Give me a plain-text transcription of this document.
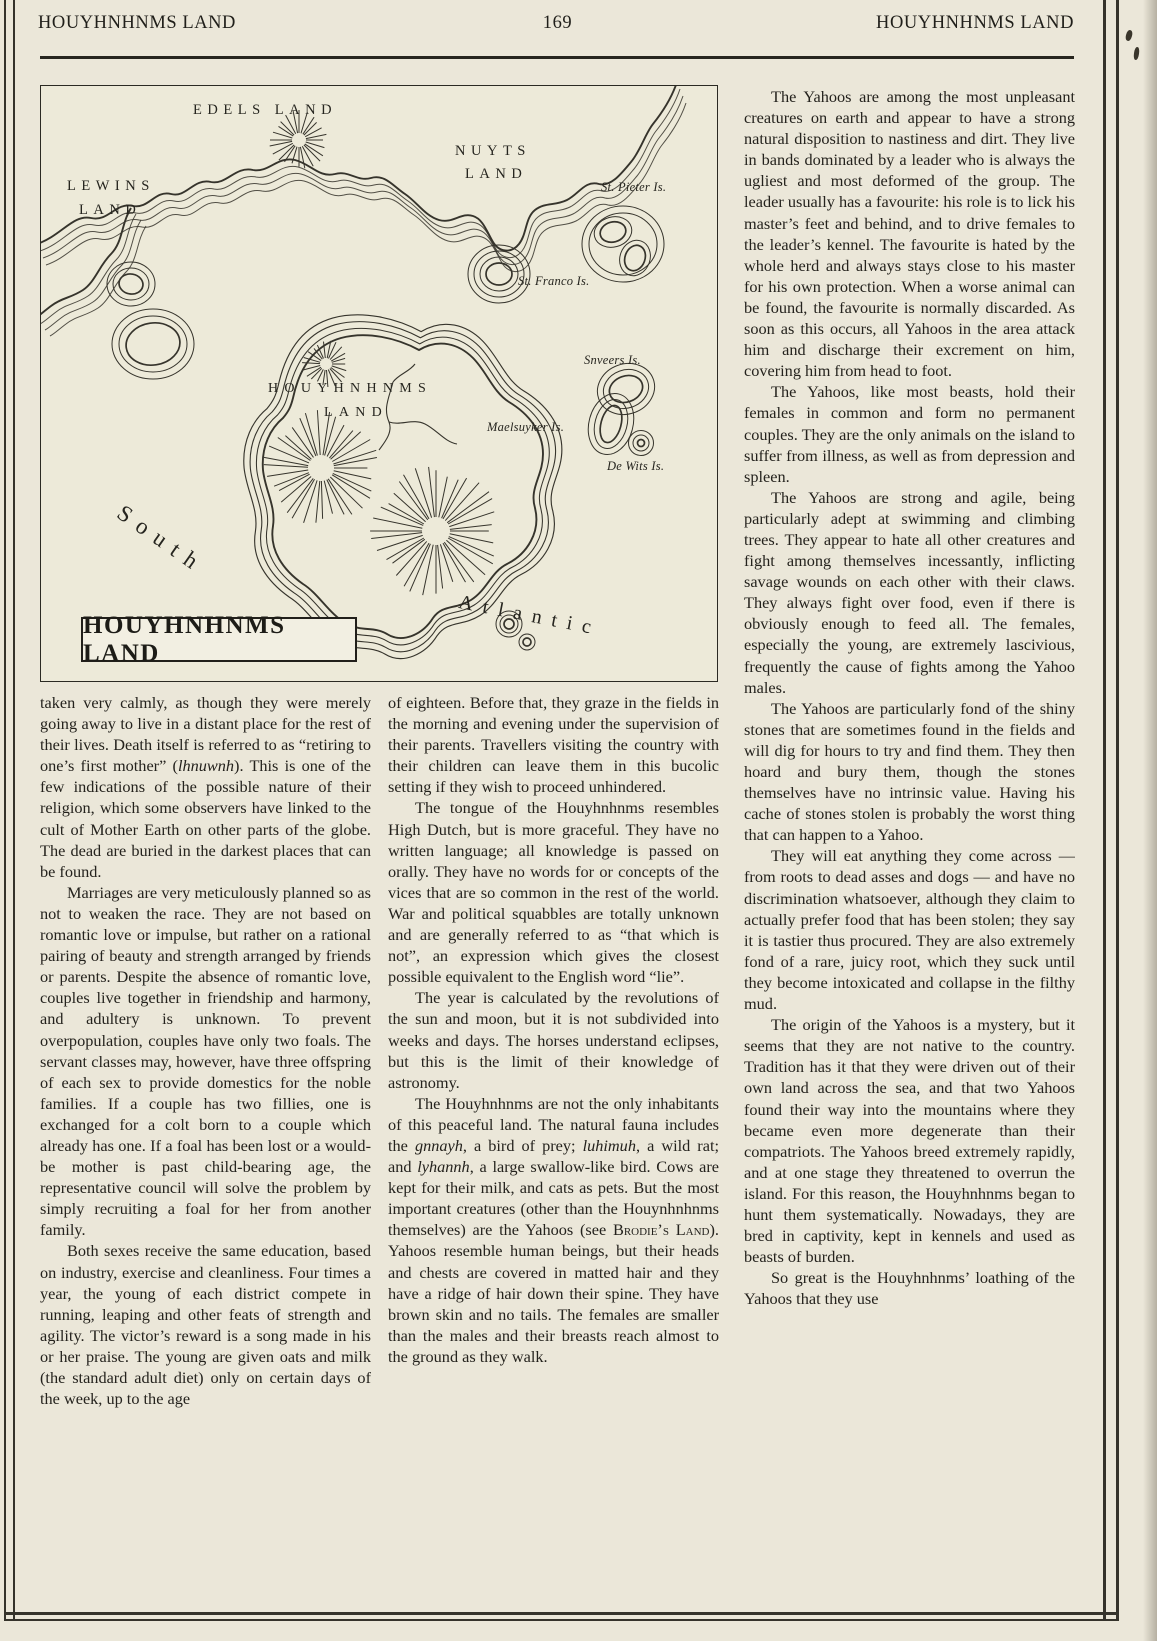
HOUYHNHNMS LAND	169	HOUYHNHNMS LAND
EDELS LAND
NUYTS
LAND
LEWINS
LAND
HOUYHNHNMS
LAND
St. Pieter Is.
St. Franco Is.
Snveers Is.
Maelsuyker Is.
De Wits Is.
South
Atlantic
HOUYHNHNMS LAND

taken very calmly, as though they were merely going away to live in a distant place for the rest of their lives. Death itself is referred to as “retiring to one’s first mother” (lhnuwnh). This is one of the few indications of the possible nature of their religion, which some observers have linked to the cult of Mother Earth on other parts of the globe. The dead are buried in the darkest places that can be found.

Marriages are very meticulously planned so as not to weaken the race. They are not based on romantic love or impulse, but rather on a rational pairing of beauty and strength arranged by friends or parents. Despite the absence of romantic love, couples live together in friendship and harmony, and adultery is unknown. To prevent overpopulation, couples have only two foals. The servant classes may, however, have three offspring of each sex to provide domestics for the noble families. If a couple has two fillies, one is exchanged for a colt born to a couple which already has one. If a foal has been lost or a would-be mother is past child-bearing age, the representative council will solve the problem by simply recruiting a foal for her from another family.

Both sexes receive the same education, based on industry, exercise and cleanliness. Four times a year, the young of each district compete in running, leaping and other feats of strength and agility. The victor’s reward is a song made in his or her praise. The young are given oats and milk (the standard adult diet) only on certain days of the week, up to the age

of eighteen. Before that, they graze in the fields in the morning and evening under the supervision of their parents. Travellers visiting the country with their children can leave them in this bucolic setting if they wish to proceed unhindered.

The tongue of the Houyhnhnms resembles High Dutch, but is more graceful. They have no written language; all knowledge is passed on orally. They have no words for or concepts of the vices that are so common in the rest of the world. War and political squabbles are totally unknown and are generally referred to as “that which is not”, an expression which gives the closest possible equivalent to the English word “lie”.

The year is calculated by the revolutions of the sun and moon, but it is not subdivided into weeks and days. The horses understand eclipses, but this is the limit of their knowledge of astronomy.

The Houyhnhnms are not the only inhabitants of this peaceful land. The natural fauna includes the gnnayh, a bird of prey; luhimuh, a wild rat; and lyhannh, a large swallow-like bird. Cows are kept for their milk, and cats as pets. But the most important creatures (other than the Houynhnhnms themselves) are the Yahoos (see Brodie’s Land). Yahoos resemble human beings, but their heads and chests are covered in matted hair and they have a ridge of hair down their spine. They have brown skin and no tails. The females are smaller than the males and their breasts reach almost to the ground as they walk.

The Yahoos are among the most unpleasant creatures on earth and appear to have a strong natural disposition to nastiness and dirt. They live in bands dominated by a leader who is always the ugliest and most deformed of the group. The leader usually has a favourite: his role is to lick his master’s feet and behind, and to drive females to the leader’s kennel. The favourite is hated by the whole herd and always stays close to his master for his own protection. When a worse animal can be found, the favourite is normally discarded. As soon as this occurs, all Yahoos in the area attack him and discharge their excrement on him, covering him from head to foot.

The Yahoos, like most beasts, hold their females in common and form no permanent couples. They are the only animals on the island to suffer from illness, as well as from depression and spleen.

The Yahoos are strong and agile, being particularly adept at swimming and climbing trees. They appear to hate all other creatures and fight among themselves incessantly, inflicting savage wounds on each other with their claws. They always fight over food, even if there is obviously enough to feed all. The females, especially the young, are extremely lascivious, frequently the cause of fights among the Yahoo males.

The Yahoos are particularly fond of the shiny stones that are sometimes found in the fields and will dig for hours to try and find them. They then hoard and bury them, though the stones themselves have no intrinsic value. Having his cache of stones stolen is probably the worst thing that can happen to a Yahoo.

They will eat anything they come across — from roots to dead asses and dogs — and have no discrimination whatsoever, although they claim to actually prefer food that has been stolen; they say it is tastier thus procured. They are also extremely fond of a rare, juicy root, which they suck until they become intoxicated and collapse in the filthy mud.

The origin of the Yahoos is a mystery, but it seems that they are not native to the country. Tradition has it that they were driven out of their own land across the sea, and that two Yahoos found their way into the mountains where they became even more degenerate than their compatriots. The Yahoos breed extremely rapidly, and at one stage they threatened to overrun the island. For this reason, the Houyhnhnms began to hunt them systematically. Nowadays, they are bred in captivity, kept in kennels and used as beasts of burden.

So great is the Houyhnhnms’ loathing of the Yahoos that they use
